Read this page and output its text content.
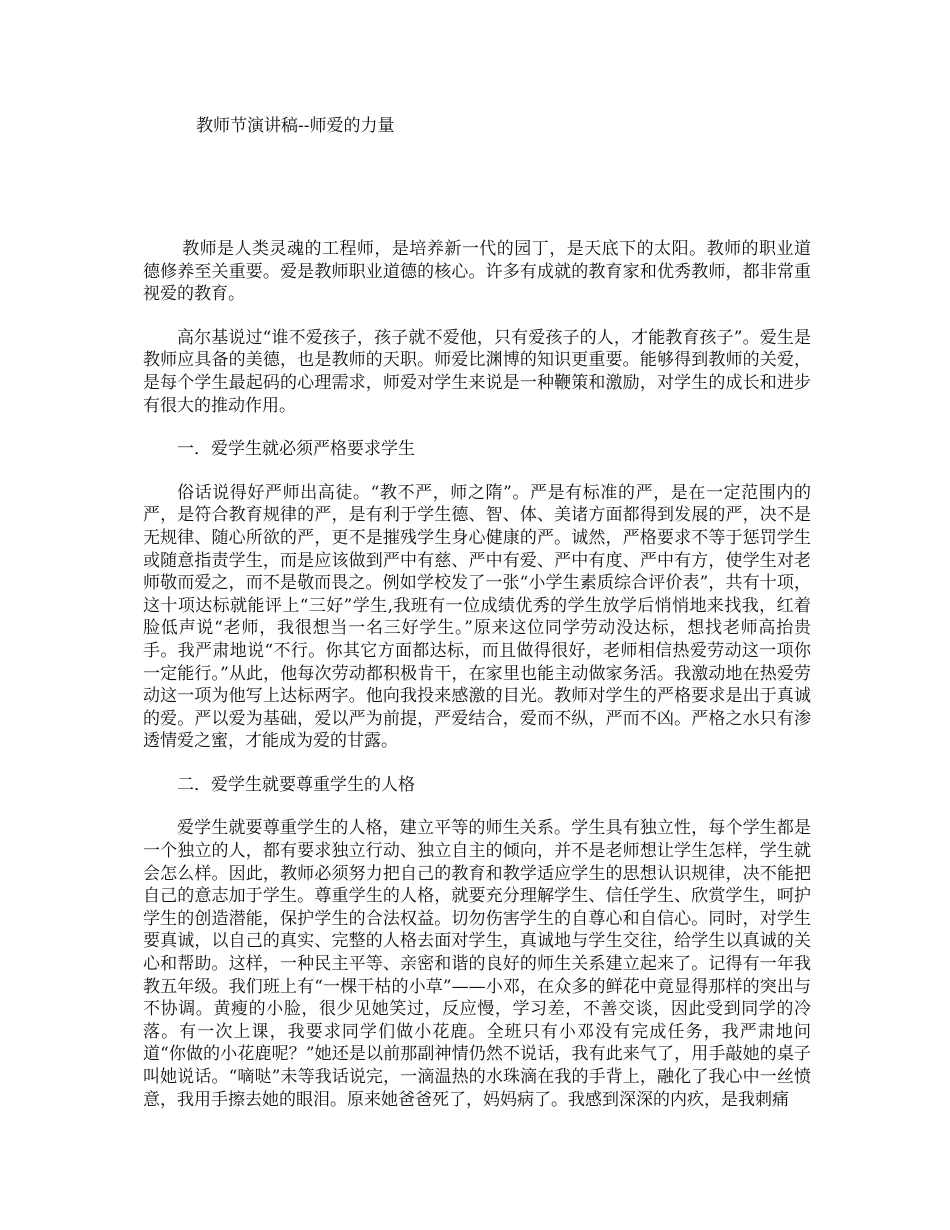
教师节演讲稿--师爱的力量

教师是人类灵魂的工程师，是培养新一代的园丁，是天底下的太阳。教师的职业道德修养至关重要。爱是教师职业道德的核心。许多有成就的教育家和优秀教师，都非常重视爱的教育。

高尔基说过“谁不爱孩子，孩子就不爱他，只有爱孩子的人，才能教育孩子”。爱生是教师应具备的美德，也是教师的天职。师爱比渊博的知识更重要。能够得到教师的关爱，是每个学生最起码的心理需求，师爱对学生来说是一种鞭策和激励，对学生的成长和进步有很大的推动作用。

一．爱学生就必须严格要求学生

俗话说得好严师出高徒。“教不严，师之隋”。严是有标准的严，是在一定范围内的严，是符合教育规律的严，是有利于学生德、智、体、美诸方面都得到发展的严，决不是无规律、随心所欲的严，更不是摧残学生身心健康的严。诚然，严格要求不等于惩罚学生或随意指责学生，而是应该做到严中有慈、严中有爱、严中有度、严中有方，使学生对老师敬而爱之，而不是敬而畏之。例如学校发了一张“小学生素质综合评价表”，共有十项，这十项达标就能评上“三好”学生,我班有一位成绩优秀的学生放学后悄悄地来找我，红着脸低声说“老师，我很想当一名三好学生。”原来这位同学劳动没达标，想找老师高抬贵手。我严肃地说“不行。你其它方面都达标，而且做得很好，老师相信热爱劳动这一项你一定能行。”从此，他每次劳动都积极肯干，在家里也能主动做家务活。我激动地在热爱劳动这一项为他写上达标两字。他向我投来感激的目光。教师对学生的严格要求是出于真诚的爱。严以爱为基础，爱以严为前提，严爱结合，爱而不纵，严而不凶。严格之水只有渗透情爱之蜜，才能成为爱的甘露。

二．爱学生就要尊重学生的人格

爱学生就要尊重学生的人格，建立平等的师生关系。学生具有独立性，每个学生都是一个独立的人，都有要求独立行动、独立自主的倾向，并不是老师想让学生怎样，学生就会怎么样。因此，教师必须努力把自己的教育和教学适应学生的思想认识规律，决不能把自己的意志加于学生。尊重学生的人格，就要充分理解学生、信任学生、欣赏学生，呵护学生的创造潜能，保护学生的合法权益。切勿伤害学生的自尊心和自信心。同时，对学生要真诚，以自己的真实、完整的人格去面对学生，真诚地与学生交往，给学生以真诚的关心和帮助。这样，一种民主平等、亲密和谐的良好的师生关系建立起来了。记得有一年我教五年级。我们班上有“一棵干枯的小草”——小邓，在众多的鲜花中竟显得那样的突出与不协调。黄瘦的小脸，很少见她笑过，反应慢，学习差，不善交谈，因此受到同学的冷落。有一次上课，我要求同学们做小花鹿。全班只有小邓没有完成任务，我严肃地问道“你做的小花鹿呢？”她还是以前那副神情仍然不说话，我有此来气了，用手敲她的桌子叫她说话。“嘀哒”未等我话说完，一滴温热的水珠滴在我的手背上，融化了我心中一丝愤意，我用手擦去她的眼泪。原来她爸爸死了，妈妈病了。我感到深深的内疚，是我刺痛
